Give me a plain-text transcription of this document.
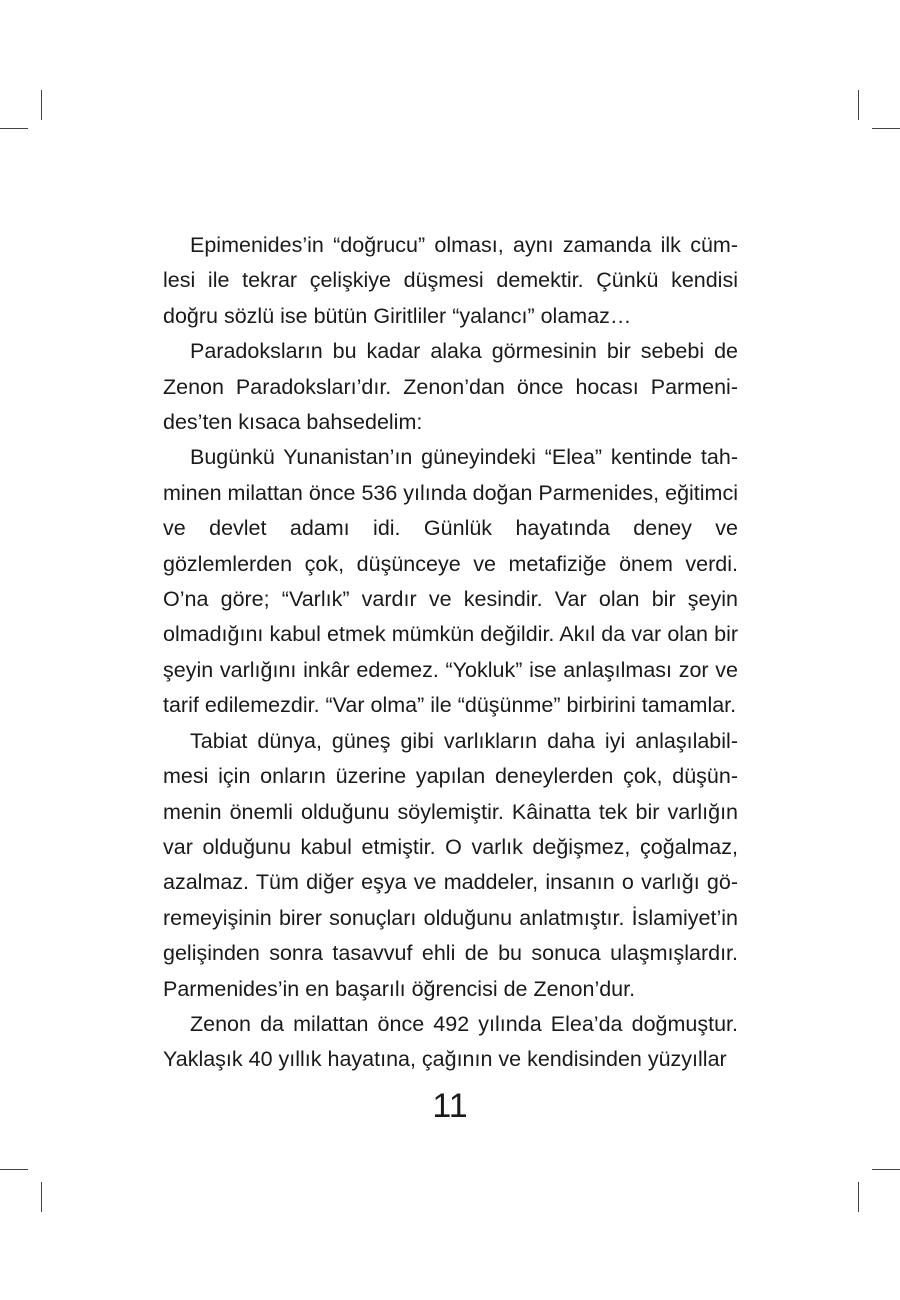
Epimenides’in “doğrucu” olması, aynı zamanda ilk cümlesi ile tekrar çelişkiye düşmesi demektir. Çünkü kendisi doğru sözlü ise bütün Giritliler “yalancı” olamaz…

Paradoksların bu kadar alaka görmesinin bir sebebi de Zenon Paradoksları’dır. Zenon’dan önce hocası Parmenides’ten kısaca bahsedelim:

Bugünkü Yunanistan’ın güneyindeki “Elea” kentinde tahminen milattan önce 536 yılında doğan Parmenides, eğitimci ve devlet adamı idi. Günlük hayatında deney ve gözlemlerden çok, düşünceye ve metafiziğe önem verdi. O’na göre; “Varlık” vardır ve kesindir. Var olan bir şeyin olmadığını kabul etmek mümkün değildir. Akıl da var olan bir şeyin varlığını inkâr edemez. “Yokluk” ise anlaşılması zor ve tarif edilemezdir. “Var olma” ile “düşünme” birbirini tamamlar.

Tabiat dünya, güneş gibi varlıkların daha iyi anlaşılabilmesi için onların üzerine yapılan deneylerden çok, düşünmenin önemli olduğunu söylemiştir. Kâinatta tek bir varlığın var olduğunu kabul etmiştir. O varlık değişmez, çoğalmaz, azalmaz. Tüm diğer eşya ve maddeler, insanın o varlığı göremeyişinin birer sonuçları olduğunu anlatmıştır. İslamiyet’in gelişinden sonra tasavvuf ehli de bu sonuca ulaşmışlardır. Parmenides’in en başarılı öğrencisi de Zenon’dur.

Zenon da milattan önce 492 yılında Elea’da doğmuştur. Yaklaşık 40 yıllık hayatına, çağının ve kendisinden yüzyıllar

11
